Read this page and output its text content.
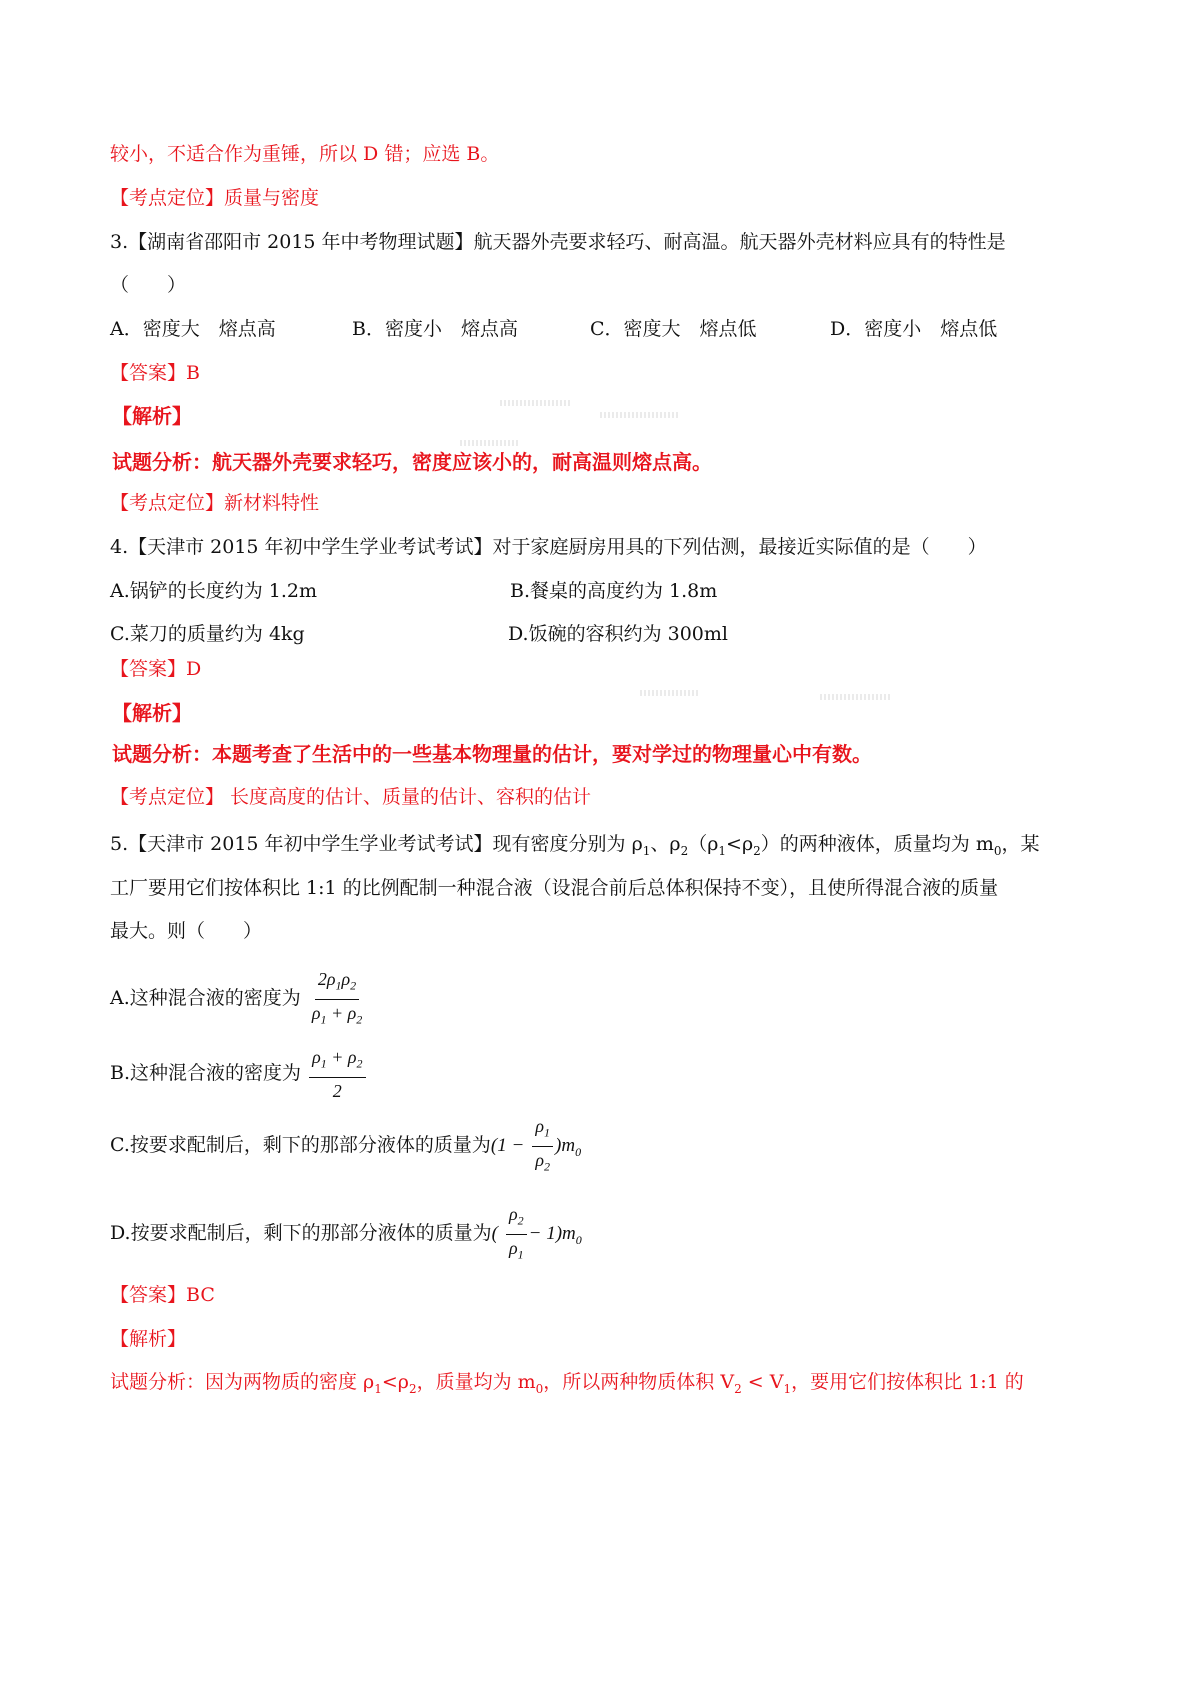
较小，不适合作为重锤，所以 D 错；应选 B。
【考点定位】质量与密度
3.【湖南省邵阳市 2015 年中考物理试题】航天器外壳要求轻巧、耐高温。航天器外壳材料应具有的特性是
（　　）
A．密度大　熔点高	B．密度小　熔点高	C．密度大　熔点低	D．密度小　熔点低
【答案】B
【解析】
试题分析：航天器外壳要求轻巧，密度应该小的，耐高温则熔点高。
【考点定位】新材料特性
4.【天津市 2015 年初中学生学业考试考试】对于家庭厨房用具的下列估测，最接近实际值的是（　　）
A.锅铲的长度约为 1.2m	B.餐桌的高度约为 1.8m
C.菜刀的质量约为 4kg	D.饭碗的容积约为 300ml
【答案】D
【解析】
试题分析：本题考查了生活中的一些基本物理量的估计，要对学过的物理量心中有数。
【考点定位】 长度高度的估计、质量的估计、容积的估计
5.【天津市 2015 年初中学生学业考试考试】现有密度分别为 $\rho_1$、$\rho_2(\rho_1<\rho_2)$的两种液体，质量均为 $m_0$，某
工厂要用它们按体积比 1:1 的比例配制一种混合液（设混合前后总体积保持不变），且使所得混合液的质量
最大。则（　　）
A.这种混合液的密度为 $\frac{2\rho_1\rho_2}{\rho_1 + \rho_2}$
B.这种混合液的密度为 $\frac{\rho_1 + \rho_2}{2}$
C.按要求配制后，剩下的那部分液体的质量为$(1 - \frac{\rho_1}{\rho_2} )m_0$
D.按要求配制后，剩下的那部分液体的质量为( $\frac{\rho_2}{\rho_1} - 1)m_0$
【答案】BC
【解析】
试题分析：因为两物质的密度 $\rho_1<\rho_2$，质量均为 $m_0$，所以两种物质体积 $V_2 < V_1$，要用它们按体积比 1:1 的
